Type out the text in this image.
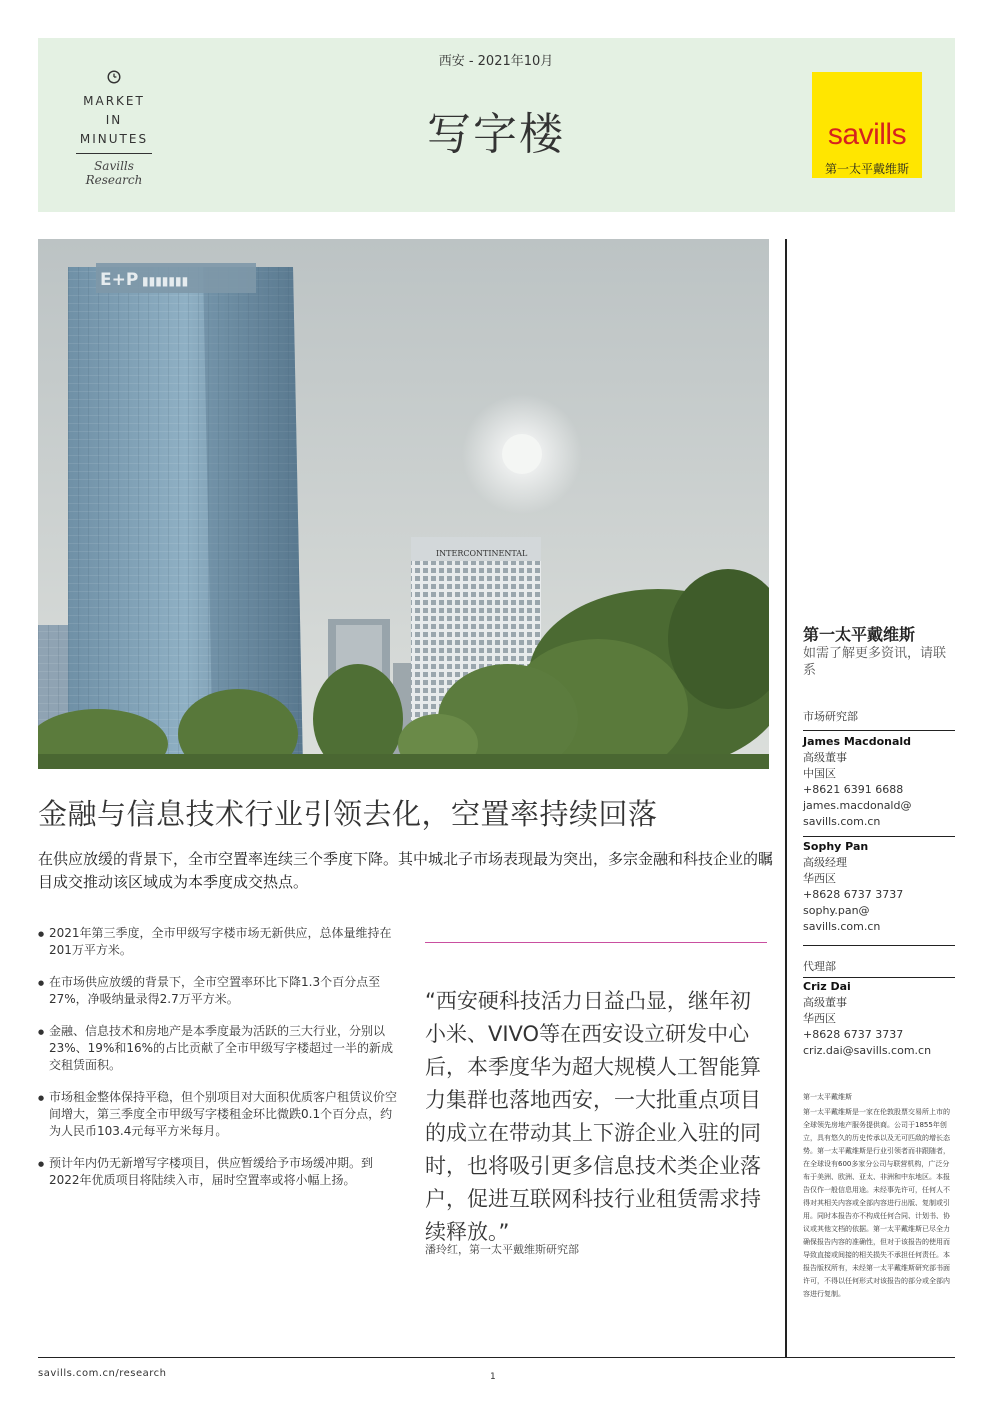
MARKET
IN
MINUTES
Savills Research
西安 - 2021年10月
写字楼	savills
第一太平戴维斯
E+P ▮▮▮▮▮▮▮
INTERCONTINENTAL
金融与信息技术行业引领去化，空置率持续回落
在供应放缓的背景下，全市空置率连续三个季度下降。其中城北子市场表现最为突出，多宗金融和科技企业的瞩目成交推动该区域成为本季度成交热点。
● 2021年第三季度，全市甲级写字楼市场无新供应，总体量维持在201万平方米。
● 在市场供应放缓的背景下，全市空置率环比下降1.3个百分点至27%，净吸纳量录得2.7万平方米。
● 金融、信息技术和房地产是本季度最为活跃的三大行业，分别以23%、19%和16%的占比贡献了全市甲级写字楼超过一半的新成交租赁面积。
● 市场租金整体保持平稳，但个别项目对大面积优质客户租赁议价空间增大，第三季度全市甲级写字楼租金环比微跌0.1个百分点，约为人民币103.4元每平方米每月。
● 预计年内仍无新增写字楼项目，供应暂缓给予市场缓冲期。到2022年优质项目将陆续入市，届时空置率或将小幅上扬。
“西安硬科技活力日益凸显，继年初小米、VIVO等在西安设立研发中心后，本季度华为超大规模人工智能算力集群也落地西安，一大批重点项目的成立在带动其上下游企业入驻的同时，也将吸引更多信息技术类企业落户，促进互联网科技行业租赁需求持续释放。”
潘玲红，第一太平戴维斯研究部
第一太平戴维斯
如需了解更多资讯，请联系
市场研究部
James Macdonald
高级董事
中国区
+8621 6391 6688
james.macdonald@
savills.com.cn
Sophy Pan
高级经理
华西区
+8628 6737 3737
sophy.pan@
savills.com.cn
代理部
Criz Dai
高级董事
华西区
+8628 6737 3737
criz.dai@savills.com.cn
第一太平戴维斯
第一太平戴维斯是一家在伦敦股票交易所上市的全球领先房地产服务提供商。公司于1855年创立，具有悠久的历史传承以及无可匹敌的增长态势。第一太平戴维斯是行业引领者而非跟随者，在全球设有600多家分公司与联营机构，广泛分布于美洲、欧洲、亚太、非洲和中东地区。本报告仅作一般信息用途。未经事先许可，任何人不得对其相关内容或全部内容进行出版、复制或引用。同时本报告亦不构成任何合同、计划书、协议或其他文档的依据。第一太平戴维斯已尽全力确保报告内容的准确性，但对于该报告的使用而导致直接或间接的相关损失不承担任何责任。本报告版权所有，未经第一太平戴维斯研究部书面许可，不得以任何形式对该报告的部分或全部内容进行复制。
savills.com.cn/research	1
